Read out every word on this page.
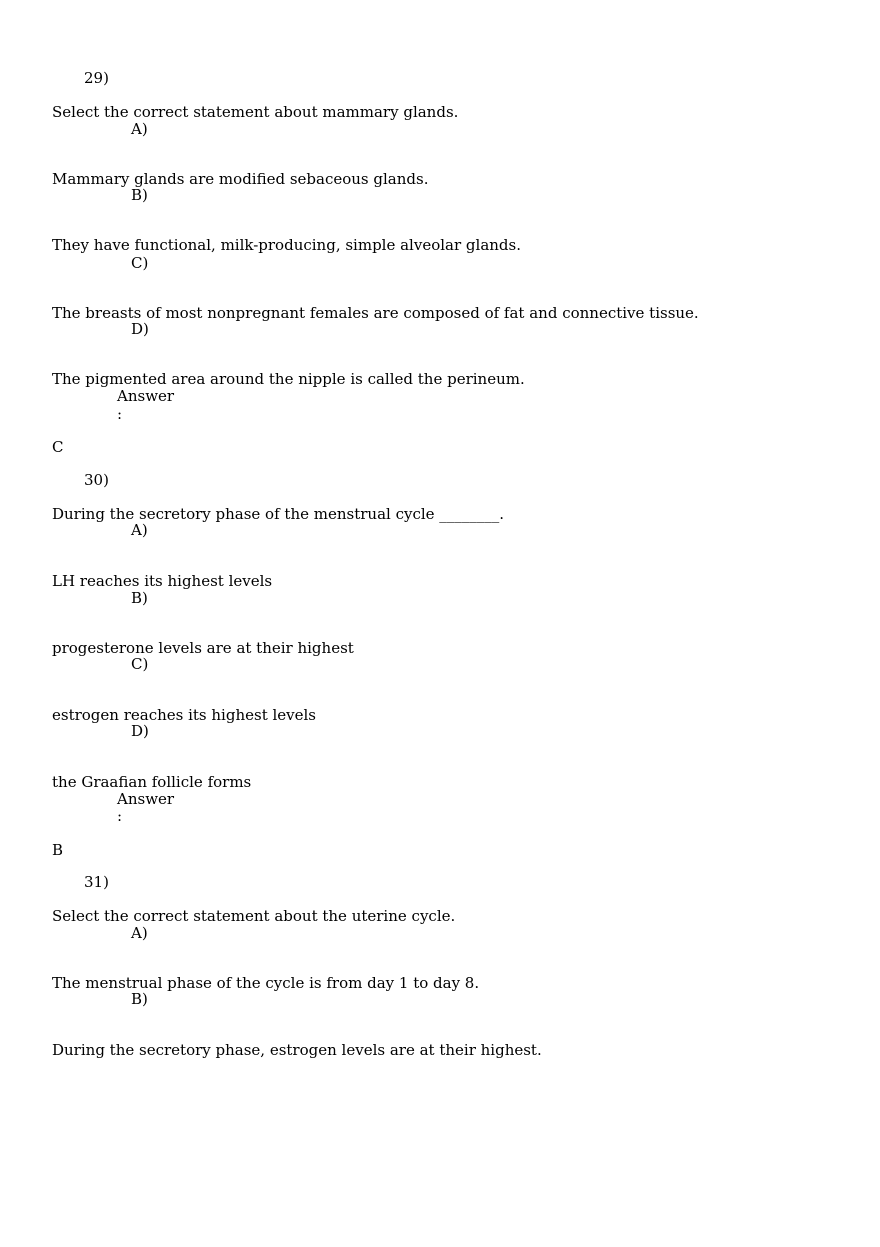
29)
Select the correct statement about mammary glands.
A)
Mammary glands are modified sebaceous glands.
B)
They have functional, milk-producing, simple alveolar glands.
C)
The breasts of most nonpregnant females are composed of fat and connective tissue.
D)
The pigmented area around the nipple is called the perineum.
Answer
:
C
30)
During the secretory phase of the menstrual cycle ________.
A)
LH reaches its highest levels
B)
progesterone levels are at their highest
C)
estrogen reaches its highest levels
D)
the Graafian follicle forms
Answer
:
B
31)
Select the correct statement about the uterine cycle.
A)
The menstrual phase of the cycle is from day 1 to day 8.
B)
During the secretory phase, estrogen levels are at their highest.
